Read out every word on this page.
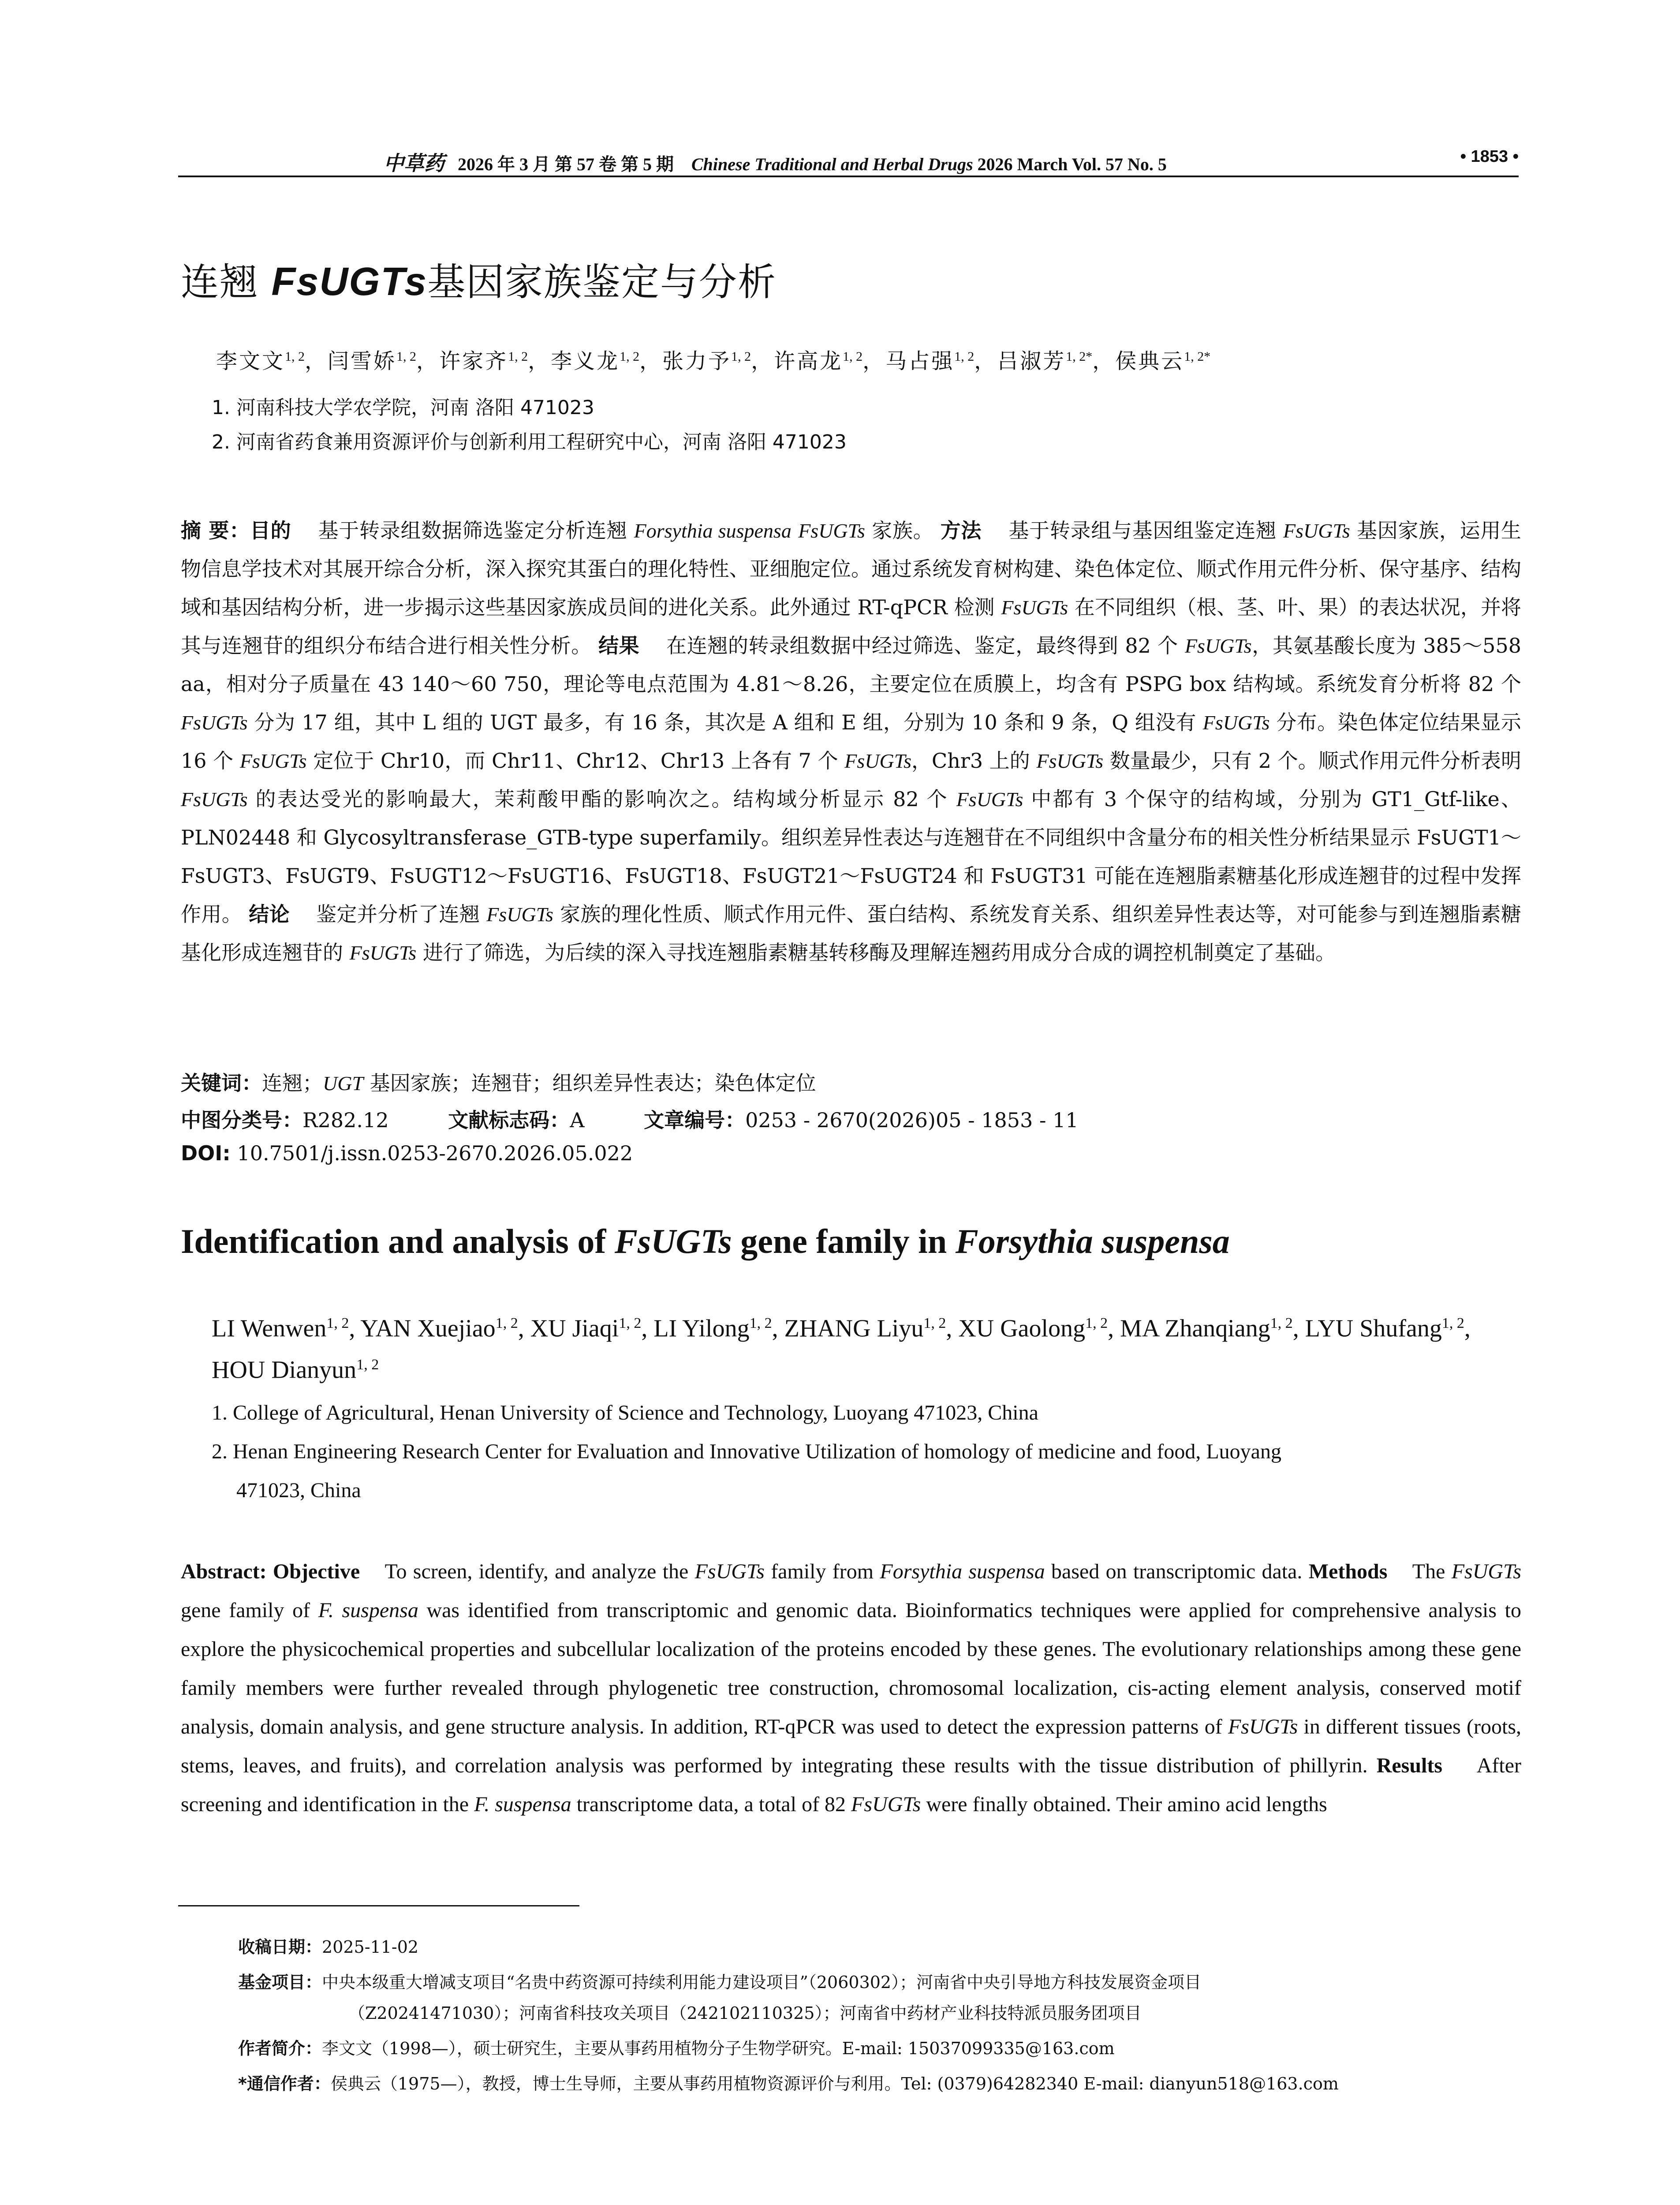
中草药 2026 年 3 月 第 57 卷 第 5 期 Chinese Traditional and Herbal Drugs 2026 March Vol. 57 No. 5	• 1853 •
连翘 FsUGTs基因家族鉴定与分析
李文文$^{1, 2}$，闫雪娇$^{1, 2}$，许家齐$^{1, 2}$，李义龙$^{1, 2}$，张力予$^{1, 2}$，许高龙$^{1, 2}$，马占强$^{1, 2}$，吕淑芳$^{1, 2*}$，侯典云$^{1, 2*}$
1. 河南科技大学农学院，河南 洛阳 471023
2. 河南省药食兼用资源评价与创新利用工程研究中心，河南 洛阳 471023
摘 要：目的 基于转录组数据筛选鉴定分析连翘 Forsythia suspensa FsUGTs 家族。 方法 基于转录组与基因组鉴定连翘 FsUGTs 基因家族，运用生物信息学技术对其展开综合分析，深入探究其蛋白的理化特性、亚细胞定位。通过系统发育树构建、染色体定位、顺式作用元件分析、保守基序、结构域和基因结构分析，进一步揭示这些基因家族成员间的进化关系。此外通过 RT-qPCR 检测 FsUGTs 在不同组织（根、茎、叶、果）的表达状况，并将其与连翘苷的组织分布结合进行相关性分析。 结果 在连翘的转录组数据中经过筛选、鉴定，最终得到 82 个 FsUGTs，其氨基酸长度为 385～558 aa，相对分子质量在 43 140～60 750，理论等电点范围为 4.81～8.26，主要定位在质膜上，均含有 PSPG box 结构域。系统发育分析将 82 个 FsUGTs 分为 17 组，其中 L 组的 UGT 最多，有 16 条，其次是 A 组和 E 组，分别为 10 条和 9 条，Q 组没有 FsUGTs 分布。染色体定位结果显示 16 个 FsUGTs 定位于 Chr10，而 Chr11、Chr12、Chr13 上各有 7 个 FsUGTs，Chr3 上的 FsUGTs 数量最少，只有 2 个。顺式作用元件分析表明 FsUGTs 的表达受光的影响最大，茉莉酸甲酯的影响次之。结构域分析显示 82 个 FsUGTs 中都有 3 个保守的结构域，分别为 GT1_Gtf-like、PLN02448 和 Glycosyltransferase_GTB-type superfamily。组织差异性表达与连翘苷在不同组织中含量分布的相关性分析结果显示 FsUGT1～FsUGT3、FsUGT9、FsUGT12～FsUGT16、FsUGT18、FsUGT21～FsUGT24 和 FsUGT31 可能在连翘脂素糖基化形成连翘苷的过程中发挥作用。 结论 鉴定并分析了连翘 FsUGTs 家族的理化性质、顺式作用元件、蛋白结构、系统发育关系、组织差异性表达等，对可能参与到连翘脂素糖基化形成连翘苷的 FsUGTs 进行了筛选，为后续的深入寻找连翘脂素糖基转移酶及理解连翘药用成分合成的调控机制奠定了基础。
关键词：连翘；UGT 基因家族；连翘苷；组织差异性表达；染色体定位
中图分类号：R282.12	文献标志码：A	文章编号：0253 - 2670(2026)05 - 1853 - 11
DOI: 10.7501/j.issn.0253-2670.2026.05.022
Identification and analysis of FsUGTs gene family in Forsythia suspensa
LI Wenwen$^{1, 2}$, YAN Xuejiao$^{1, 2}$, XU Jiaqi$^{1, 2}$, LI Yilong$^{1, 2}$, ZHANG Liyu$^{1, 2}$, XU Gaolong$^{1, 2}$, MA Zhanqiang$^{1, 2}$, LYU Shufang$^{1, 2}$, HOU Dianyun$^{1, 2}$
1. College of Agricultural, Henan University of Science and Technology, Luoyang 471023, China
2. Henan Engineering Research Center for Evaluation and Innovative Utilization of homology of medicine and food, Luoyang
471023, China
Abstract: Objective To screen, identify, and analyze the FsUGTs family from Forsythia suspensa based on transcriptomic data. Methods The FsUGTs gene family of F. suspensa was identified from transcriptomic and genomic data. Bioinformatics techniques were applied for comprehensive analysis to explore the physicochemical properties and subcellular localization of the proteins encoded by these genes. The evolutionary relationships among these gene family members were further revealed through phylogenetic tree construction, chromosomal localization, cis-acting element analysis, conserved motif analysis, domain analysis, and gene structure analysis. In addition, RT-qPCR was used to detect the expression patterns of FsUGTs in different tissues (roots, stems, leaves, and fruits), and correlation analysis was performed by integrating these results with the tissue distribution of phillyrin. Results After screening and identification in the F. suspensa transcriptome data, a total of 82 FsUGTs were finally obtained. Their amino acid lengths
收稿日期：2025-11-02
基金项目：中央本级重大增减支项目“名贵中药资源可持续利用能力建设项目”（2060302）；河南省中央引导地方科技发展资金项目
（Z20241471030）；河南省科技攻关项目（242102110325）；河南省中药材产业科技特派员服务团项目
作者简介：李文文（1998—），硕士研究生，主要从事药用植物分子生物学研究。E-mail: 15037099335@163.com
*通信作者：侯典云（1975—），教授，博士生导师，主要从事药用植物资源评价与利用。Tel: (0379)64282340 E-mail: dianyun518@163.com
